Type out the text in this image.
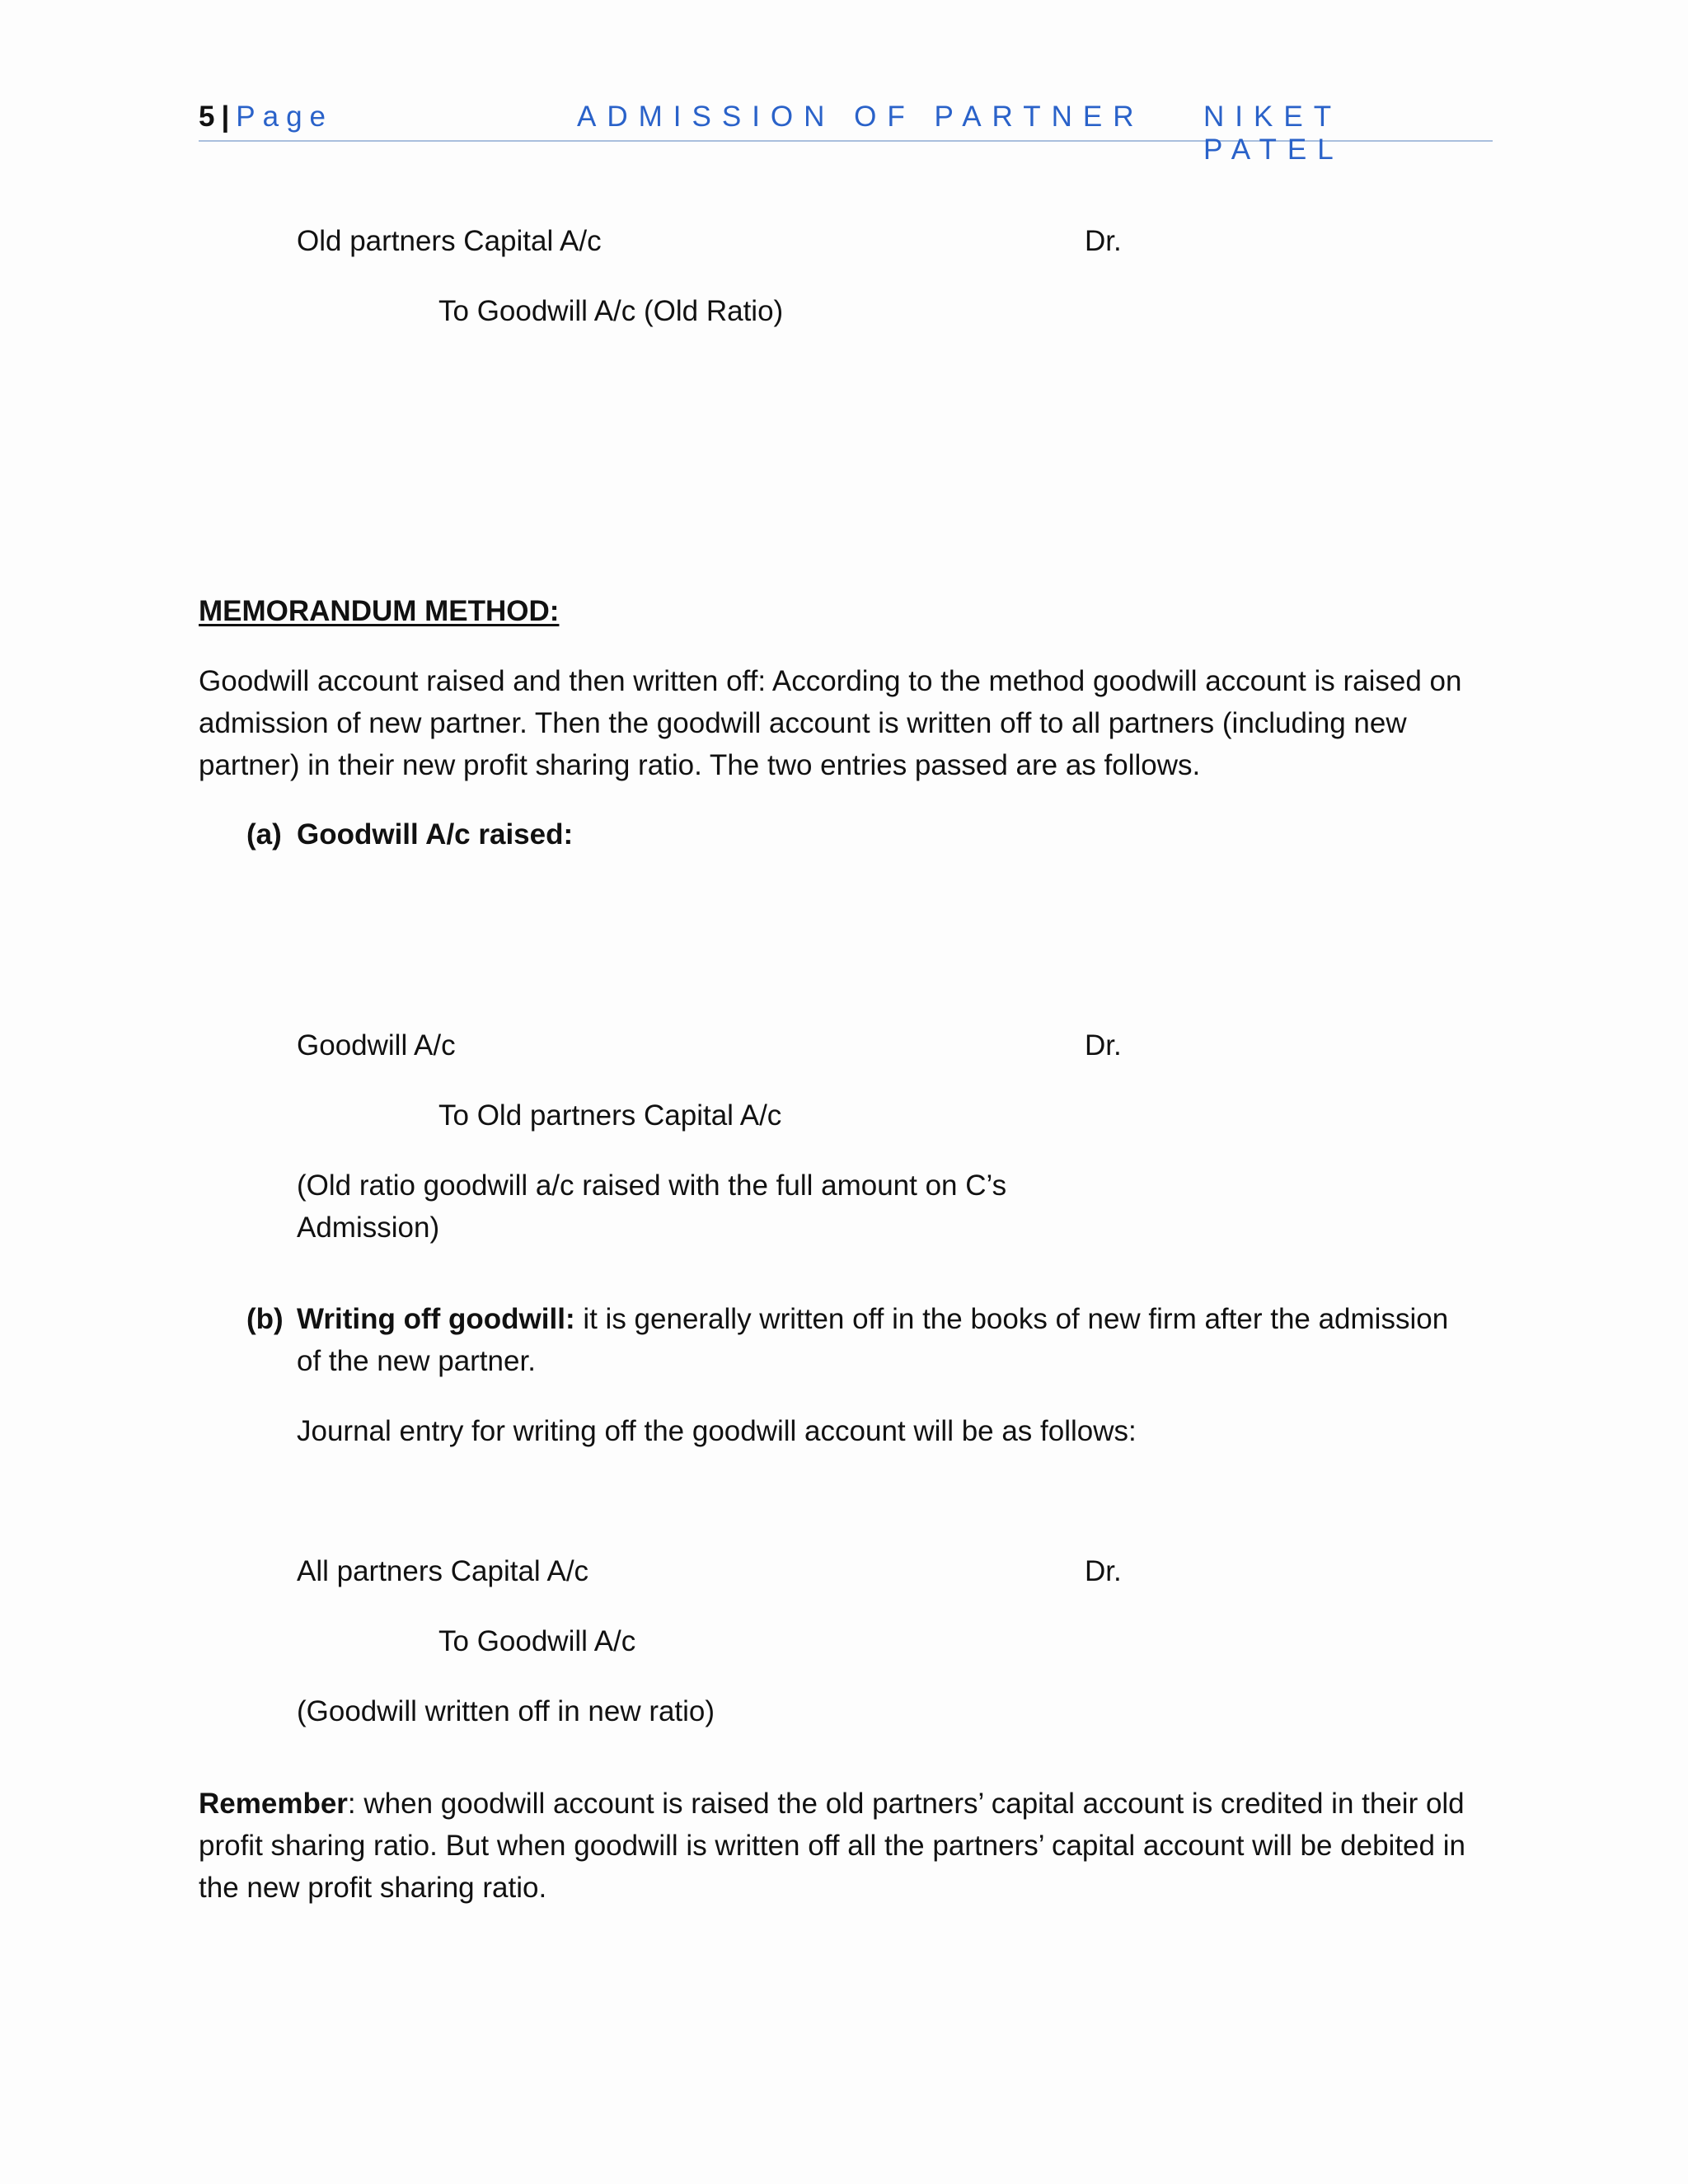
5 | Page	ADMISSION OF PARTNER NIKET PATEL
Old partners Capital A/c	Dr.
To Goodwill A/c (Old Ratio)
MEMORANDUM METHOD:
Goodwill account raised and then written off: According to the method goodwill account is raised on admission of new partner. Then the goodwill account is written off to all partners (including new partner) in their new profit sharing ratio. The two entries passed are as follows.
(a) Goodwill A/c raised:
Goodwill A/c	Dr.
To Old partners Capital A/c
(Old ratio goodwill a/c raised with the full amount on C’s Admission)
(b) Writing off goodwill: it is generally written off in the books of new firm after the admission of the new partner.
Journal entry for writing off the goodwill account will be as follows:
All partners Capital A/c	Dr.
To Goodwill A/c
(Goodwill written off in new ratio)
Remember: when goodwill account is raised the old partners’ capital account is credited in their old profit sharing ratio. But when goodwill is written off all the partners’ capital account will be debited in the new profit sharing ratio.
